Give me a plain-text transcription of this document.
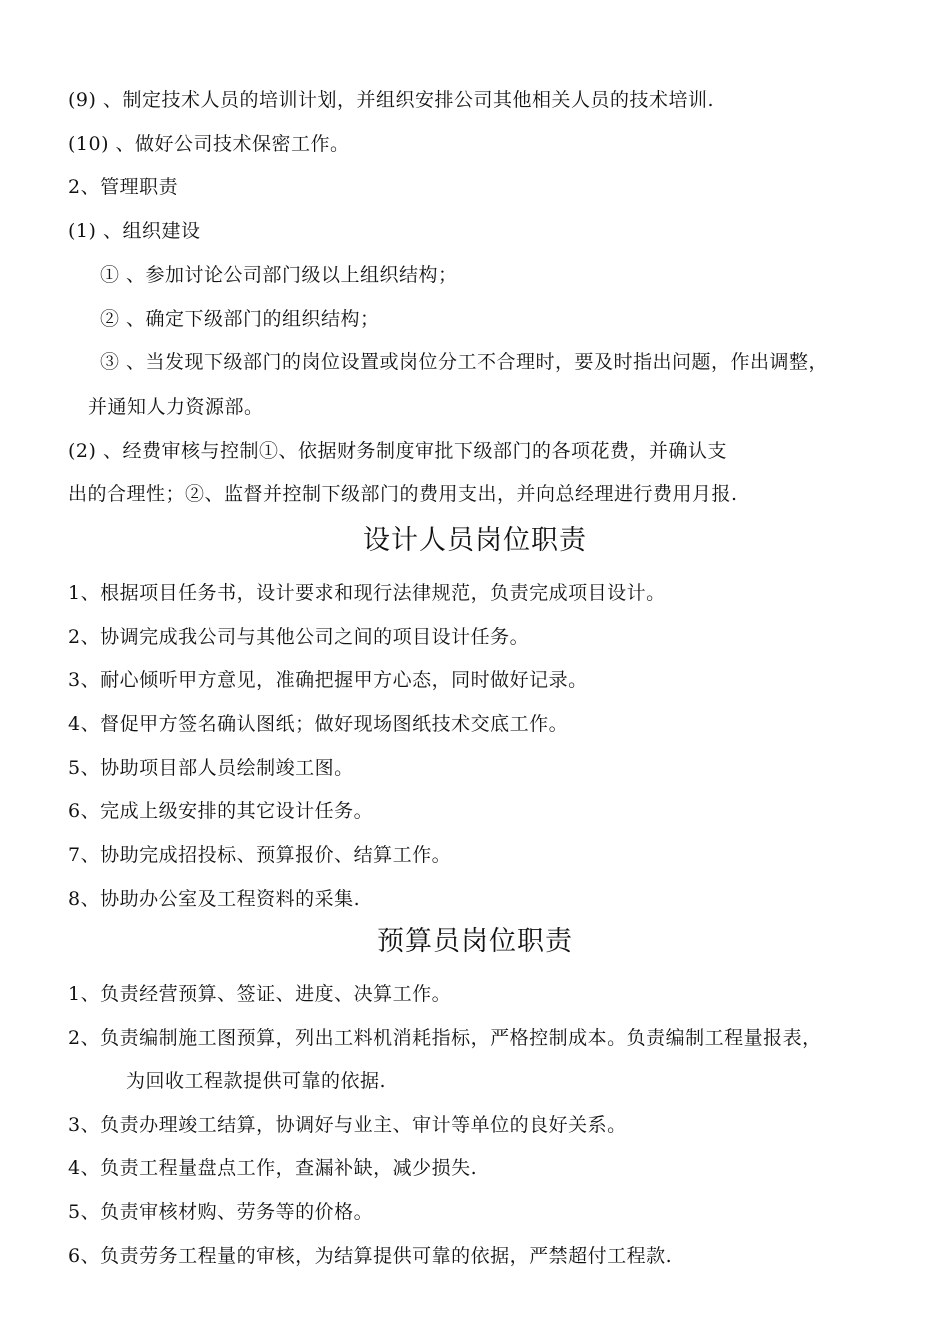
(9) 、制定技术人员的培训计划，并组织安排公司其他相关人员的技术培训.
(10) 、做好公司技术保密工作。
2、管理职责
(1) 、组织建设
① 、参加讨论公司部门级以上组织结构；
② 、确定下级部门的组织结构；
③ 、当发现下级部门的岗位设置或岗位分工不合理时，要及时指出问题，作出调整，
并通知人力资源部。
(2) 、经费审核与控制①、依据财务制度审批下级部门的各项花费，并确认支
出的合理性；②、监督并控制下级部门的费用支出，并向总经理进行费用月报.
设计人员岗位职责
1、根据项目任务书，设计要求和现行法律规范，负责完成项目设计。
2、协调完成我公司与其他公司之间的项目设计任务。
3、耐心倾听甲方意见，准确把握甲方心态，同时做好记录。
4、督促甲方签名确认图纸；做好现场图纸技术交底工作。
5、协助项目部人员绘制竣工图。
6、完成上级安排的其它设计任务。
7、协助完成招投标、预算报价、结算工作。
8、协助办公室及工程资料的采集.
预算员岗位职责
1、负责经营预算、签证、进度、决算工作。
2、负责编制施工图预算，列出工料机消耗指标，严格控制成本。负责编制工程量报表，
为回收工程款提供可靠的依据.
3、负责办理竣工结算，协调好与业主、审计等单位的良好关系。
4、负责工程量盘点工作，查漏补缺，减少损失.
5、负责审核材购、劳务等的价格。
6、负责劳务工程量的审核，为结算提供可靠的依据，严禁超付工程款.
